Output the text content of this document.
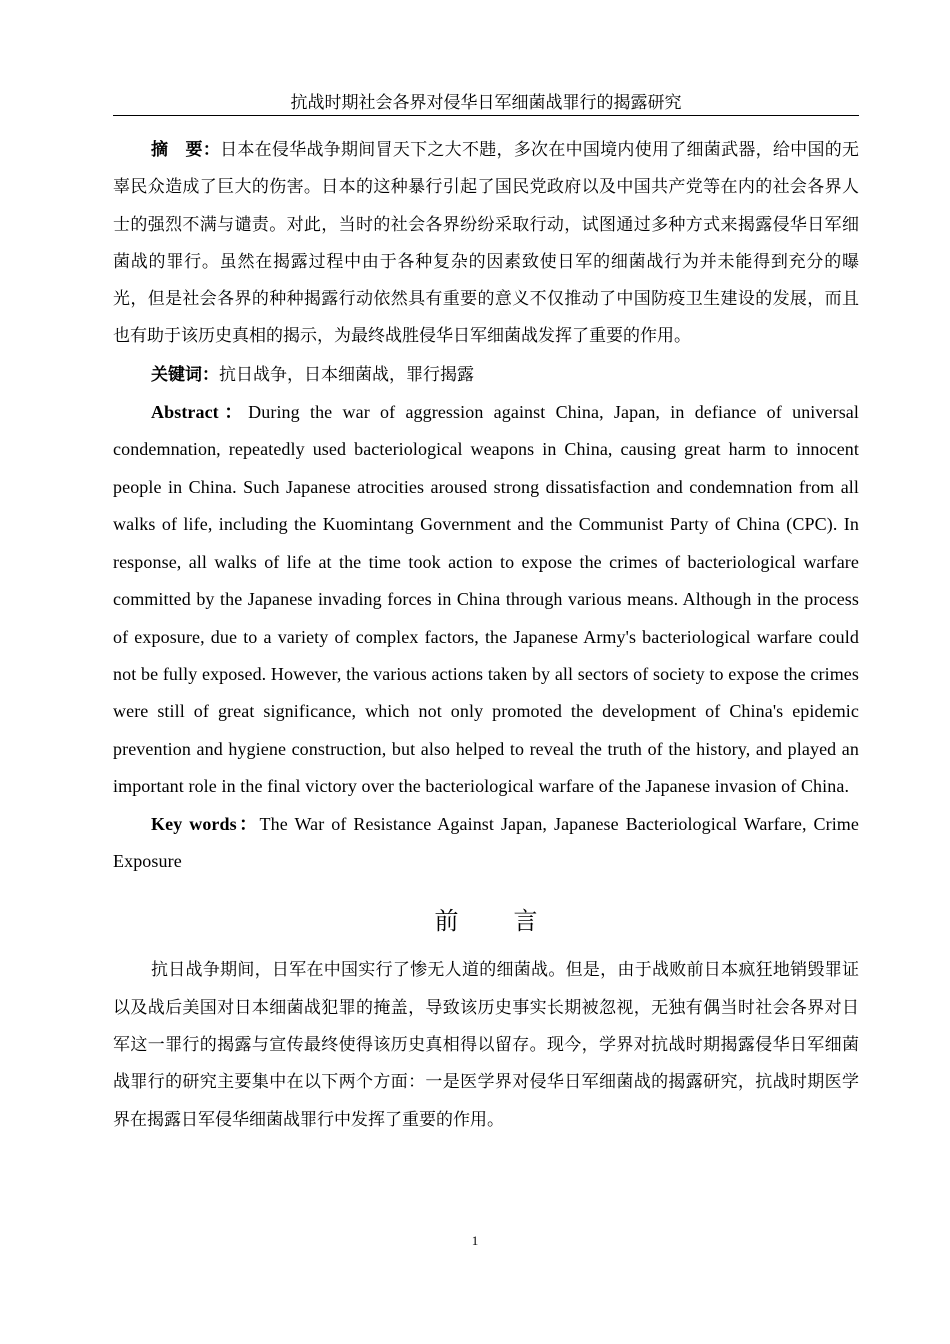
抗战时期社会各界对侵华日军细菌战罪行的揭露研究

摘　要：日本在侵华战争期间冒天下之大不韪，多次在中国境内使用了细菌武器，给中国的无辜民众造成了巨大的伤害。日本的这种暴行引起了国民党政府以及中国共产党等在内的社会各界人士的强烈不满与谴责。对此，当时的社会各界纷纷采取行动，试图通过多种方式来揭露侵华日军细菌战的罪行。虽然在揭露过程中由于各种复杂的因素致使日军的细菌战行为并未能得到充分的曝光，但是社会各界的种种揭露行动依然具有重要的意义不仅推动了中国防疫卫生建设的发展，而且也有助于该历史真相的揭示，为最终战胜侵华日军细菌战发挥了重要的作用。

关键词：抗日战争，日本细菌战，罪行揭露

Abstract：During the war of aggression against China, Japan, in defiance of universal condemnation, repeatedly used bacteriological weapons in China, causing great harm to innocent people in China. Such Japanese atrocities aroused strong dissatisfaction and condemnation from all walks of life, including the Kuomintang Government and the Communist Party of China (CPC). In response, all walks of life at the time took action to expose the crimes of bacteriological warfare committed by the Japanese invading forces in China through various means. Although in the process of exposure, due to a variety of complex factors, the Japanese Army's bacteriological warfare could not be fully exposed. However, the various actions taken by all sectors of society to expose the crimes were still of great significance, which not only promoted the development of China's epidemic prevention and hygiene construction, but also helped to reveal the truth of the history, and played an important role in the final victory over the bacteriological warfare of the Japanese invasion of China.

Key words：The War of Resistance Against Japan, Japanese Bacteriological Warfare, Crime Exposure

前言

抗日战争期间，日军在中国实行了惨无人道的细菌战。但是，由于战败前日本疯狂地销毁罪证以及战后美国对日本细菌战犯罪的掩盖，导致该历史事实长期被忽视，无独有偶当时社会各界对日军这一罪行的揭露与宣传最终使得该历史真相得以留存。现今，学界对抗战时期揭露侵华日军细菌战罪行的研究主要集中在以下两个方面：一是医学界对侵华日军细菌战的揭露研究，抗战时期医学界在揭露日军侵华细菌战罪行中发挥了重要的作用。

1
